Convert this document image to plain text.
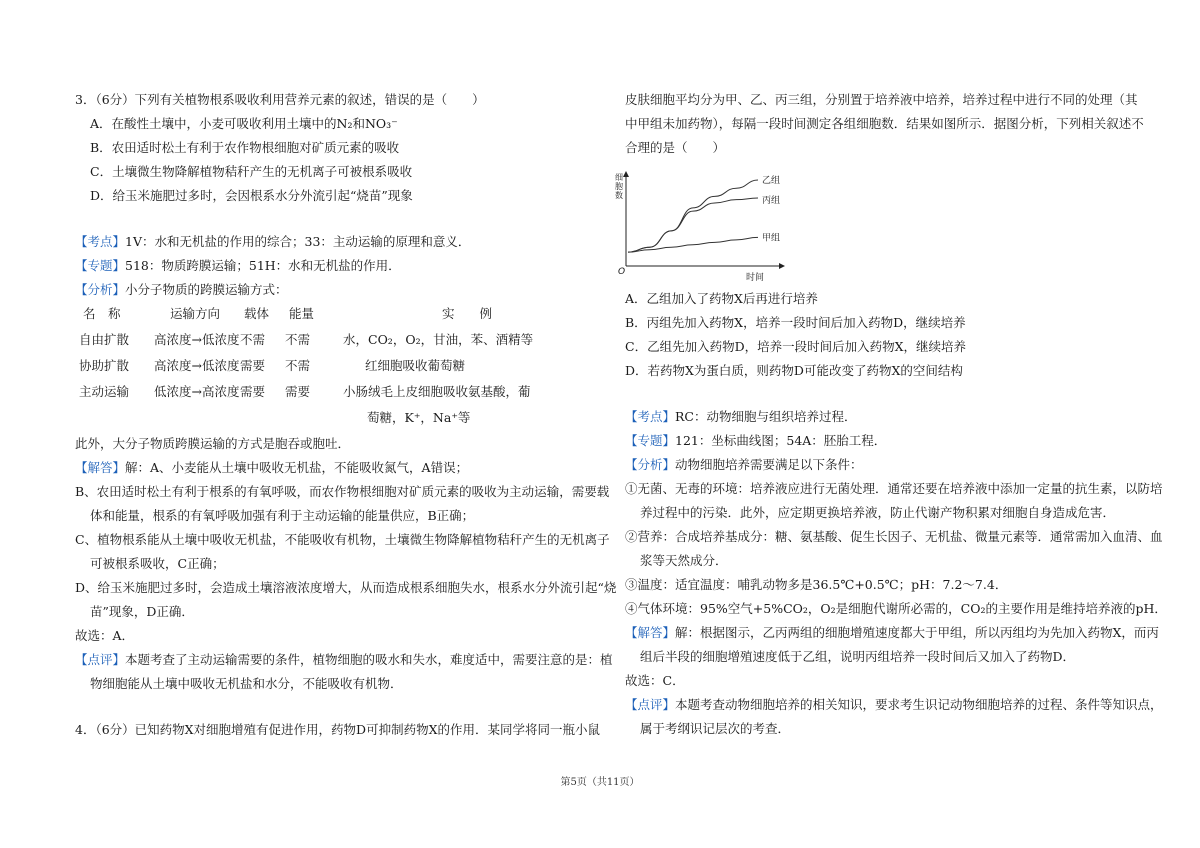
3．（6分）下列有关植物根系吸收利用营养元素的叙述，错误的是（　　）
A．在酸性土壤中，小麦可吸收利用土壤中的N₂和NO₃⁻
B．农田适时松土有利于农作物根细胞对矿质元素的吸收
C．土壤微生物降解植物秸秆产生的无机离子可被根系吸收
D．给玉米施肥过多时，会因根系水分外流引起“烧苗”现象
【考点】1V：水和无机盐的作用的综合；33：主动运输的原理和意义．
【专题】518：物质跨膜运输；51H：水和无机盐的作用．
【分析】小分子物质的跨膜运输方式：
名　称	运输方向	载体	能量	实　　例
自由扩散	高浓度→低浓度 不需	不需	水，CO₂，O₂，甘油，苯、酒精等
协助扩散	高浓度→低浓度 需要	不需	红细胞吸收葡萄糖
主动运输	低浓度→高浓度 需要	需要	小肠绒毛上皮细胞吸收氨基酸，葡
萄糖，K⁺，Na⁺等
此外，大分子物质跨膜运输的方式是胞吞或胞吐．
【解答】解：A、小麦能从土壤中吸收无机盐，不能吸收氮气，A错误；
B、农田适时松土有利于根系的有氧呼吸，而农作物根细胞对矿质元素的吸收为主动运输，需要载
体和能量，根系的有氧呼吸加强有利于主动运输的能量供应，B正确；
C、植物根系能从土壤中吸收无机盐，不能吸收有机物，土壤微生物降解植物秸秆产生的无机离子
可被根系吸收，C正确；
D、给玉米施肥过多时，会造成土壤溶液浓度增大，从而造成根系细胞失水，根系水分外流引起“烧
苗”现象，D正确．
故选：A．
【点评】本题考查了主动运输需要的条件，植物细胞的吸水和失水，难度适中，需要注意的是：植
物细胞能从土壤中吸收无机盐和水分，不能吸收有机物．
4．（6分）已知药物X对细胞增殖有促进作用，药物D可抑制药物X的作用．某同学将同一瓶小鼠
皮肤细胞平均分为甲、乙、丙三组，分别置于培养液中培养，培养过程中进行不同的处理（其
中甲组未加药物），每隔一段时间测定各组细胞数．结果如图所示．据图分析，下列相关叙述不
合理的是（　　）
A．乙组加入了药物X后再进行培养
B．丙组先加入药物X，培养一段时间后加入药物D，继续培养
C．乙组先加入药物D，培养一段时间后加入药物X，继续培养
D．若药物X为蛋白质，则药物D可能改变了药物X的空间结构
【考点】RC：动物细胞与组织培养过程．
【专题】121：坐标曲线图；54A：胚胎工程．
【分析】动物细胞培养需要满足以下条件：
①无菌、无毒的环境：培养液应进行无菌处理．通常还要在培养液中添加一定量的抗生素，以防培
养过程中的污染．此外，应定期更换培养液，防止代谢产物积累对细胞自身造成危害．
②营养：合成培养基成分：糖、氨基酸、促生长因子、无机盐、微量元素等．通常需加入血清、血
浆等天然成分．
③温度：适宜温度：哺乳动物多是36.5℃+0.5℃；pH：7.2～7.4．
④气体环境：95%空气+5%CO₂，O₂是细胞代谢所必需的，CO₂的主要作用是维持培养液的pH．
【解答】解：根据图示，乙丙两组的细胞增殖速度都大于甲组，所以丙组均为先加入药物X，而丙
组后半段的细胞增殖速度低于乙组，说明丙组培养一段时间后又加入了药物D．
故选：C．
【点评】本题考查动物细胞培养的相关知识，要求考生识记动物细胞培养的过程、条件等知识点，
属于考纲识记层次的考查．
O
时间
细
胞
数
乙组
丙组
甲组
第5页（共11页）
